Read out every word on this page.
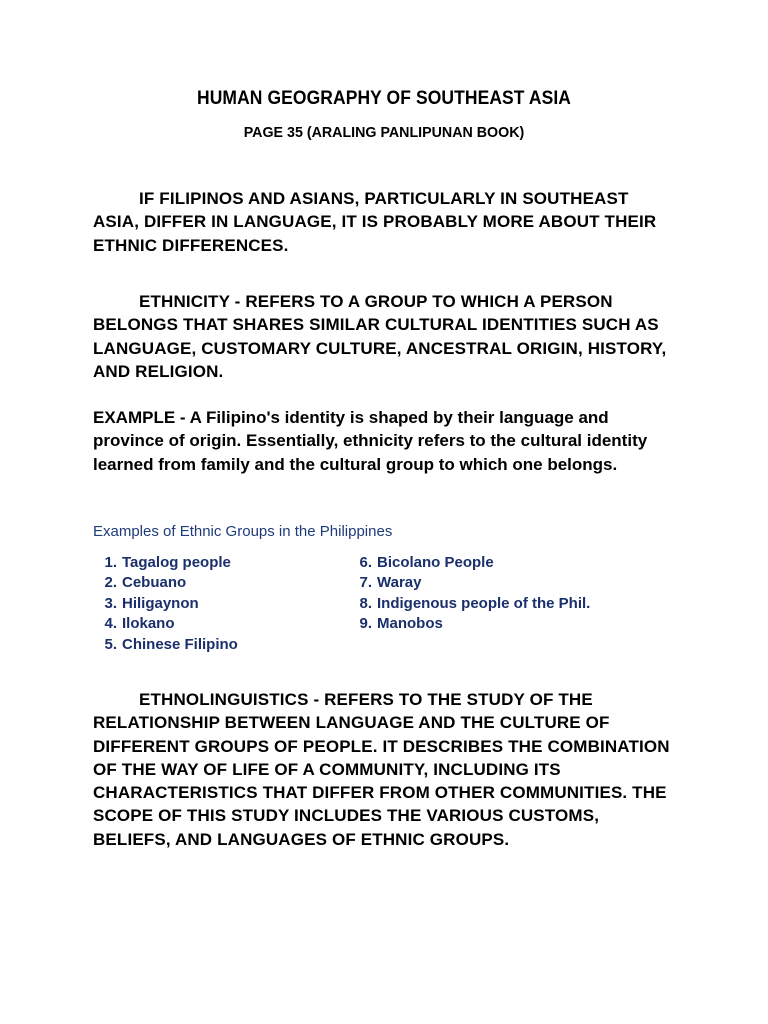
HUMAN GEOGRAPHY OF SOUTHEAST ASIA
PAGE 35 (ARALING PANLIPUNAN BOOK)
IF FILIPINOS AND ASIANS, PARTICULARLY IN SOUTHEAST ASIA, DIFFER IN LANGUAGE, IT IS PROBABLY MORE ABOUT THEIR ETHNIC DIFFERENCES.
ETHNICITY - REFERS TO A GROUP TO WHICH A PERSON BELONGS THAT SHARES SIMILAR CULTURAL IDENTITIES SUCH AS LANGUAGE, CUSTOMARY CULTURE, ANCESTRAL ORIGIN, HISTORY, AND RELIGION.
EXAMPLE - A Filipino's identity is shaped by their language and province of origin. Essentially, ethnicity refers to the cultural identity learned from family and the cultural group to which one belongs.
Examples of Ethnic Groups in the Philippines
1. Tagalog people
2. Cebuano
3. Hiligaynon
4. Ilokano
5. Chinese Filipino
6. Bicolano People
7. Waray
8. Indigenous people of the Phil.
9. Manobos
ETHNOLINGUISTICS - REFERS TO THE STUDY OF THE RELATIONSHIP BETWEEN LANGUAGE AND THE CULTURE OF DIFFERENT GROUPS OF PEOPLE. IT DESCRIBES THE COMBINATION OF THE WAY OF LIFE OF A COMMUNITY, INCLUDING ITS CHARACTERISTICS THAT DIFFER FROM OTHER COMMUNITIES. THE SCOPE OF THIS STUDY INCLUDES THE VARIOUS CUSTOMS, BELIEFS, AND LANGUAGES OF ETHNIC GROUPS.
